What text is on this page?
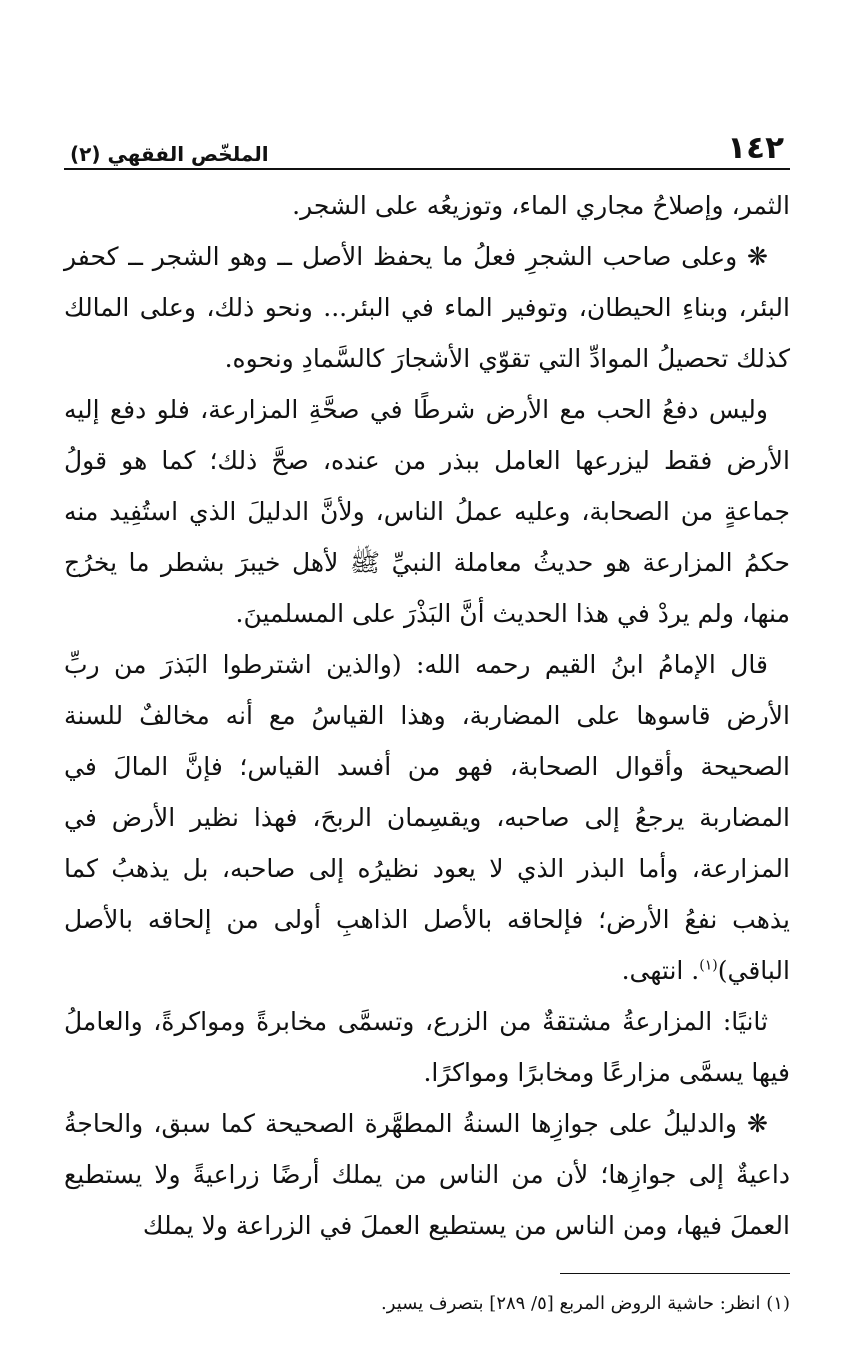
١٤٢
الملخّص الفقهي (٢)

الثمر، وإصلاحُ مجاري الماء، وتوزيعُه على الشجر.

❋ وعلى صاحب الشجرِ فعلُ ما يحفظ الأصل ــ وهو الشجر ــ كحفر البئر، وبناءِ الحيطان، وتوفير الماء في البئر... ونحو ذلك، وعلى المالك كذلك تحصيلُ الموادِّ التي تقوّي الأشجارَ كالسَّمادِ ونحوه.

وليس دفعُ الحب مع الأرض شرطًا في صحَّةِ المزارعة، فلو دفع إليه الأرض فقط ليزرعها العامل ببذر من عنده، صحَّ ذلك؛ كما هو قولُ جماعةٍ من الصحابة، وعليه عملُ الناس، ولأنَّ الدليلَ الذي استُفِيد منه حكمُ المزارعة هو حديثُ معاملة النبيِّ ﷺ لأهل خيبرَ بشطر ما يخرُج منها، ولم يردْ في هذا الحديث أنَّ البَذْرَ على المسلمينَ.

قال الإمامُ ابنُ القيم رحمه الله: (والذين اشترطوا البَذرَ من ربِّ الأرض قاسوها على المضاربة، وهذا القياسُ مع أنه مخالفٌ للسنة الصحيحة وأقوال الصحابة، فهو من أفسد القياس؛ فإنَّ المالَ في المضاربة يرجعُ إلى صاحبه، ويقسِمان الربحَ، فهذا نظير الأرض في المزارعة، وأما البذر الذي لا يعود نظيرُه إلى صاحبه، بل يذهبُ كما يذهب نفعُ الأرض؛ فإلحاقه بالأصل الذاهبِ أولى من إلحاقه بالأصل الباقي)$^{(١)}$. انتهى.

ثانيًا: المزارعةُ مشتقةٌ من الزرع، وتسمَّى مخابرةً ومواكرةً، والعاملُ فيها يسمَّى مزارعًا ومخابرًا ومواكرًا.

❋ والدليلُ على جوازِها السنةُ المطهَّرة الصحيحة كما سبق، والحاجةُ داعيةٌ إلى جوازِها؛ لأن من الناس من يملك أرضًا زراعيةً ولا يستطيع العملَ فيها، ومن الناس من يستطيع العملَ في الزراعة ولا يملك

(١) انظر: حاشية الروض المربع [٥/ ٢٨٩] بتصرف يسير.
